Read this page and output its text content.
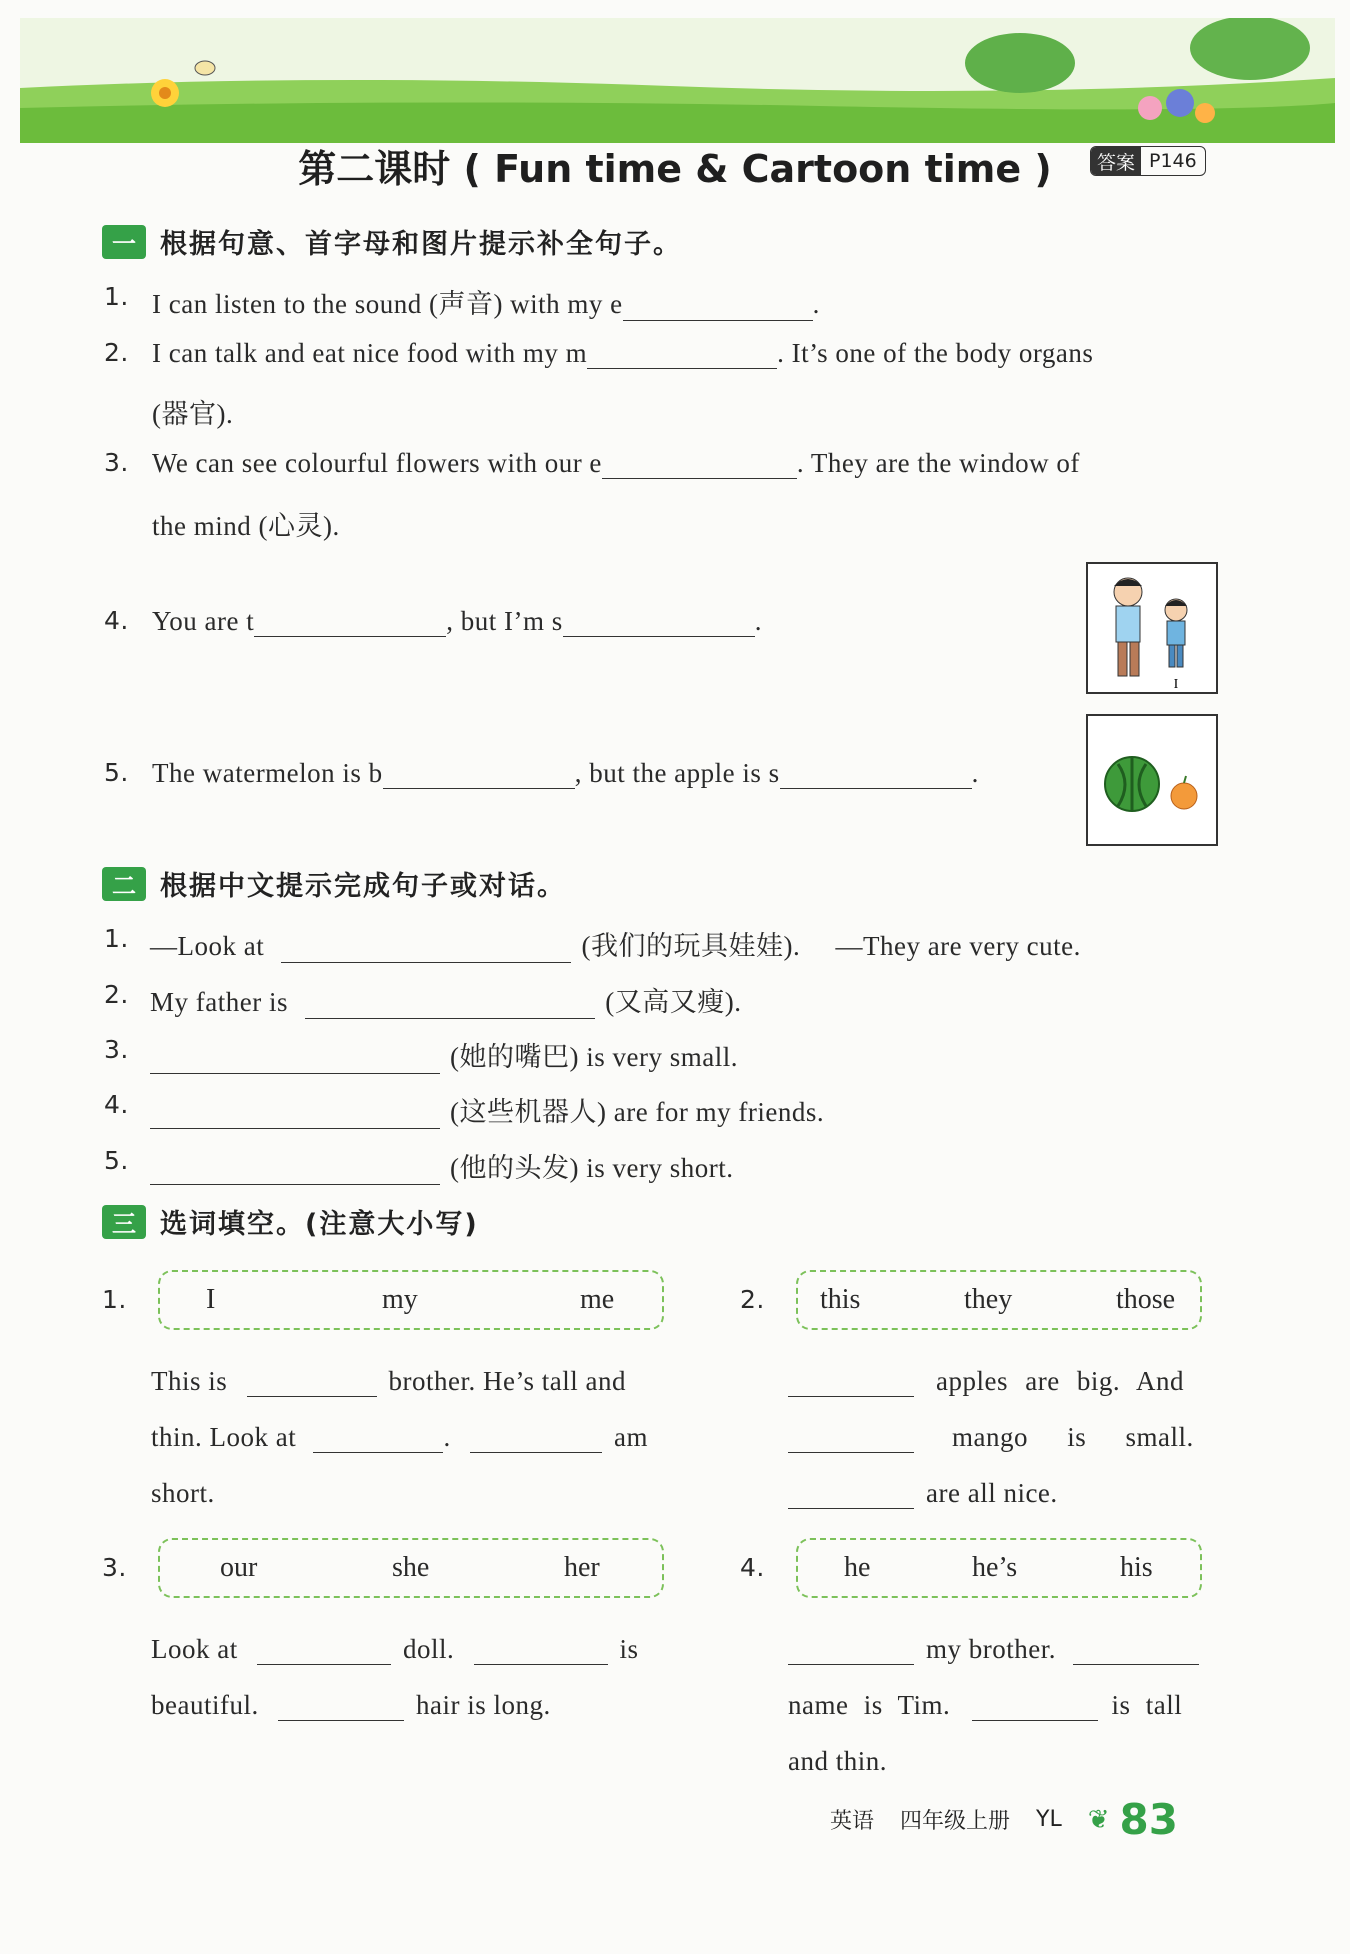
第二课时 ( Fun time & Cartoon time )	答案 P146
一 根据句意、首字母和图片提示补全句子。
1. I can listen to the sound (声音) with my e	.
2. I can talk and eat nice food with my m	. It’s one of the body organs
(器官).
3. We can see colourful flowers with our e	. They are the window of
the mind (心灵).
4. You are t	, but I’m s	.
I
5. The watermelon is b	, but the apple is s	.
二 根据中文提示完成句子或对话。
1. —Look at	(我们的玩具娃娃). —They are very cute.
2. My father is	(又高又瘦).
3.	(她的嘴巴) is very small.
4.	(这些机器人) are for my friends.
5.	(他的头发) is very short.
三 选词填空。(注意大小写)
1.	I	my	me
This is	brother. He’s tall and
thin. Look at	.	am
short.
2. this	they	those
apples are big. And
mango is small.
are all nice.
3.	our	she	her
Look at	doll.	is
beautiful.	hair is long.
4.	he	he’s	his
my brother.
name is Tim.	is tall
and thin.
英语 四年级上册 YL ❦ 83
